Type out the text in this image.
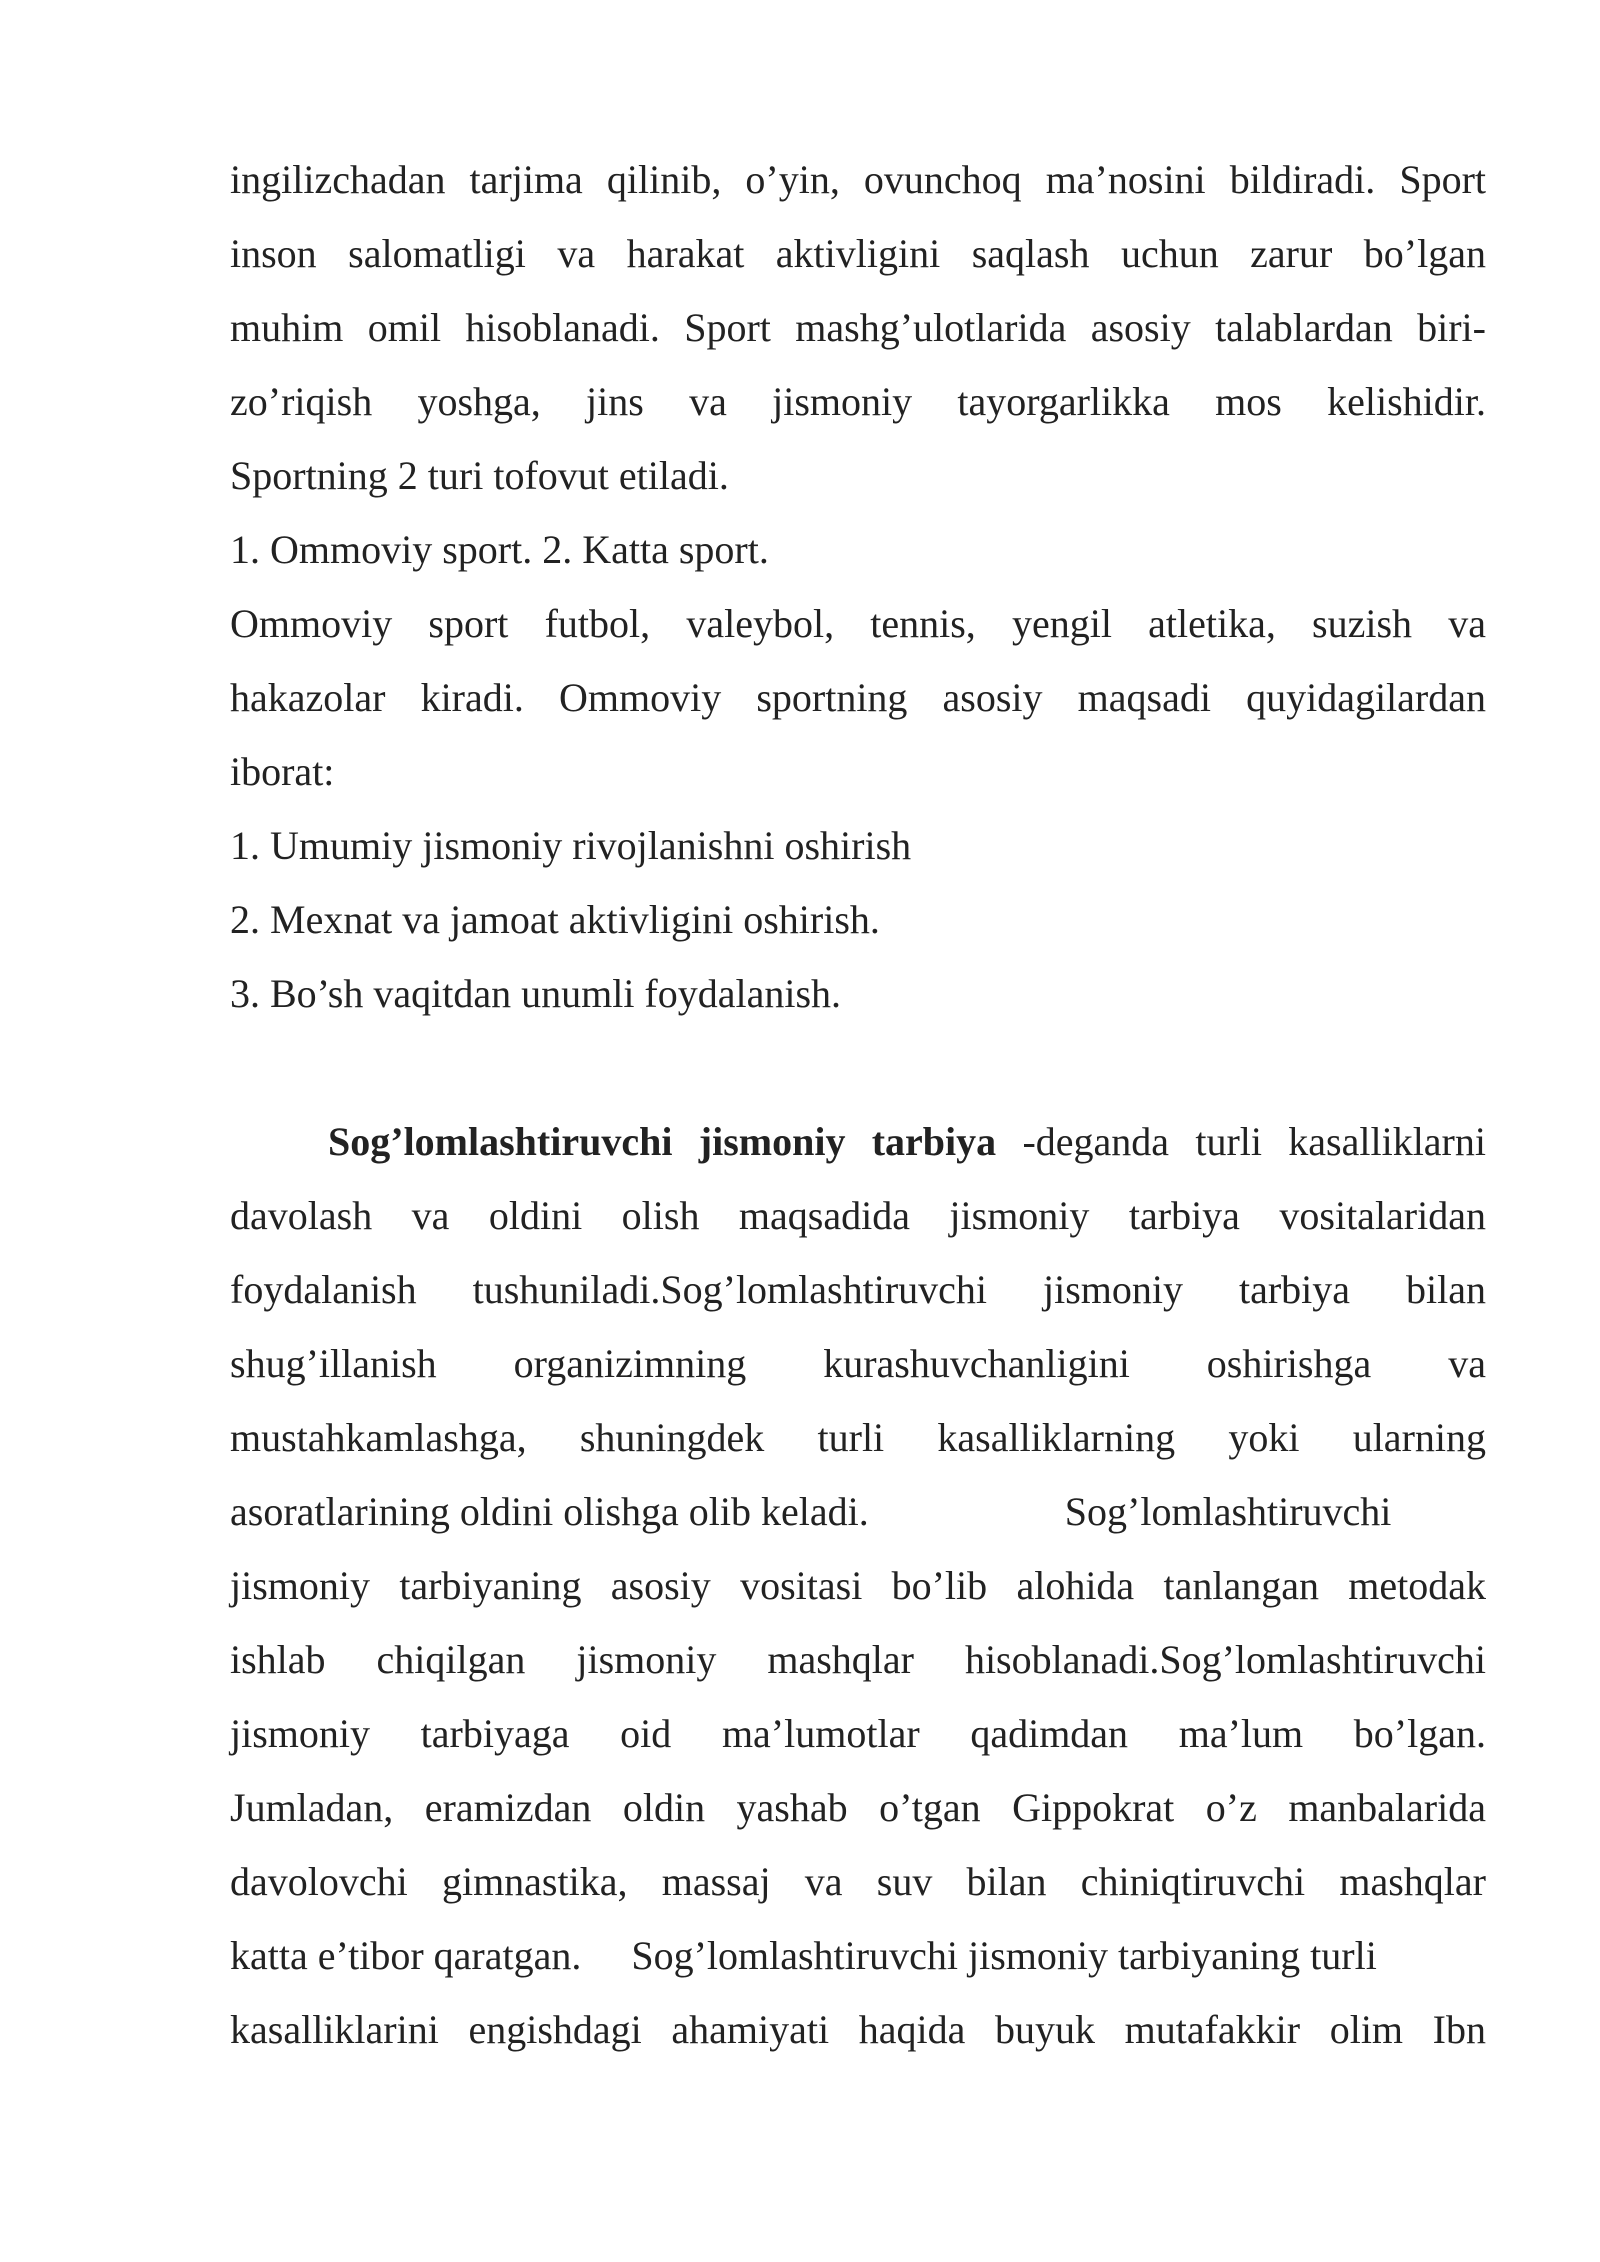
ingilizchadan tarjima qilinib, o’yin, ovunchoq ma’nosini bildiradi. Sport
inson salomatligi va harakat aktivligini saqlash uchun zarur bo’lgan
muhim omil hisoblanadi. Sport mashg’ulotlarida asosiy talablardan biri-
zo’riqish yoshga, jins va jismoniy tayorgarlikka mos kelishidir.
Sportning 2 turi tofovut etiladi.
1. Ommoviy sport. 2. Katta sport.
Ommoviy sport futbol, valeybol, tennis, yengil atletika, suzish va
hakazolar kiradi. Ommoviy sportning asosiy maqsadi quyidagilardan
iborat:
1. Umumiy jismoniy rivojlanishni oshirish
2. Mexnat va jamoat aktivligini oshirish.
3. Bo’sh vaqitdan unumli foydalanish.
Sog’lomlashtiruvchi jismoniy tarbiya -deganda turli kasalliklarni
davolash va oldini olish maqsadida jismoniy tarbiya vositalaridan
foydalanish tushuniladi.Sog’lomlashtiruvchi jismoniy tarbiya bilan
shug’illanish organizimning kurashuvchanligini oshirishga va
mustahkamlashga, shuningdek turli kasalliklarning yoki ularning
asoratlarining oldini olishga olib keladi.	Sog’lomlashtiruvchi
jismoniy tarbiyaning asosiy vositasi bo’lib alohida tanlangan metodak
ishlab chiqilgan jismoniy mashqlar hisoblanadi.Sog’lomlashtiruvchi
jismoniy tarbiyaga oid ma’lumotlar qadimdan ma’lum bo’lgan.
Jumladan, eramizdan oldin yashab o’tgan Gippokrat o’z manbalarida
davolovchi gimnastika, massaj va suv bilan chiniqtiruvchi mashqlar
katta e’tibor qaratgan. Sog’lomlashtiruvchi jismoniy tarbiyaning turli
kasalliklarini engishdagi ahamiyati haqida buyuk mutafakkir olim Ibn
